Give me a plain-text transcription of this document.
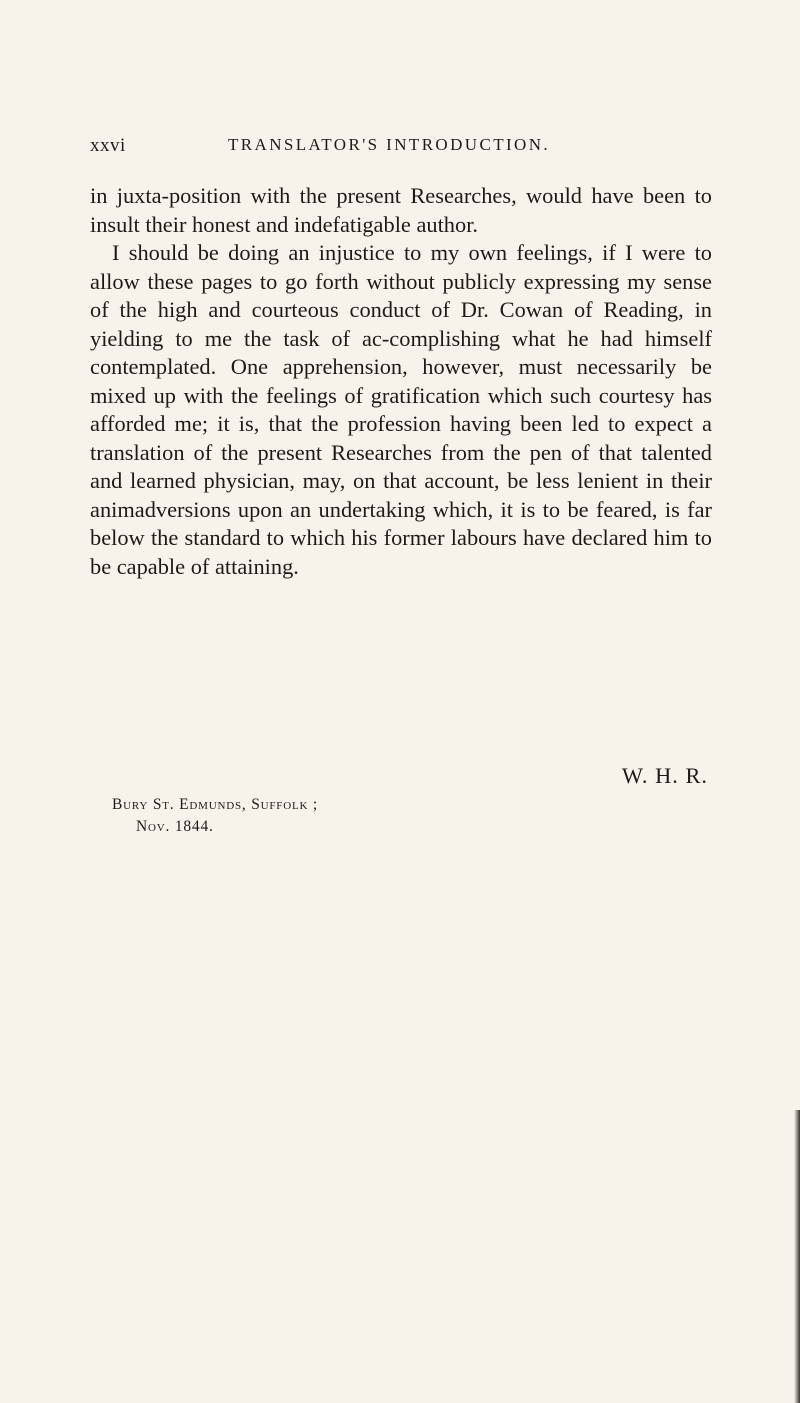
xxvi	TRANSLATOR'S INTRODUCTION.

in juxta-position with the present Researches, would have been to insult their honest and indefatigable author.

I should be doing an injustice to my own feelings, if I were to allow these pages to go forth without publicly expressing my sense of the high and courteous conduct of Dr. Cowan of Reading, in yielding to me the task of ac-complishing what he had himself contemplated. One apprehension, however, must necessarily be mixed up with the feelings of gratification which such courtesy has afforded me; it is, that the profession having been led to expect a translation of the present Researches from the pen of that talented and learned physician, may, on that account, be less lenient in their animadversions upon an undertaking which, it is to be feared, is far below the standard to which his former labours have declared him to be capable of attaining.

W. H. R.
Bury St. Edmunds, Suffolk ;
Nov. 1844.
